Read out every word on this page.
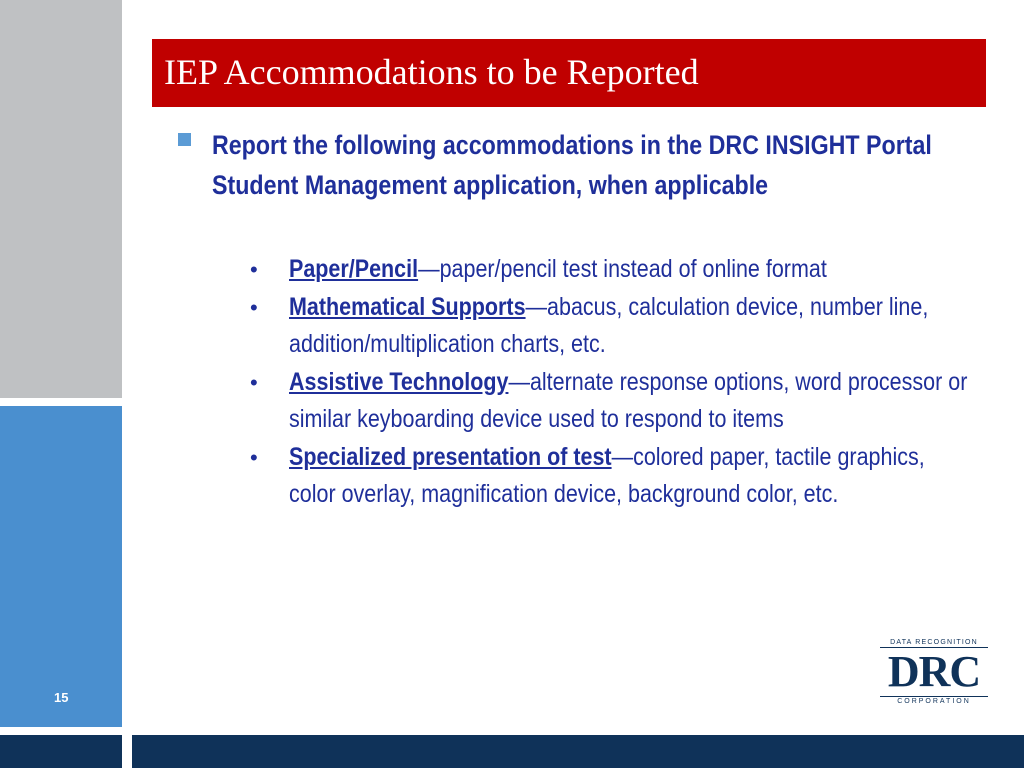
15
IEP Accommodations to be Reported
Report the following accommodations in the DRC INSIGHT Portal Student Management application, when applicable
• Paper/Pencil—paper/pencil test instead of online format
• Mathematical Supports—abacus, calculation device, number line, addition/multiplication charts, etc.
• Assistive Technology—alternate response options, word processor or similar keyboarding device used to respond to items
• Specialized presentation of test—colored paper, tactile graphics, color overlay, magnification device, background color, etc.
DATA RECOGNITION
DRC
CORPORATION
